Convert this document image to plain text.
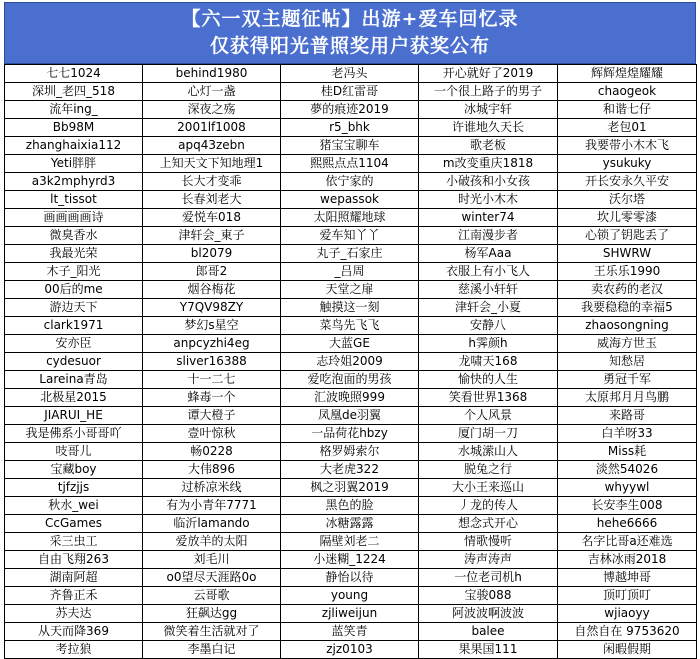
【六一双主题征帖】出游+爱车回忆录
仅获得阳光普照奖用户获奖公布
七七1024	behind1980	老冯头	开心就好了2019	辉辉煌煌耀耀
深圳_老四_518	心灯一盏	桂D红雷哥	一个很上路子的男子	chaogeok
流年ing_	深夜之殇	夢的痕迹2019	冰城宇轩	和谐七仔
Bb98M	2001lf1008	r5_bhk	许谁地久天长	老包01
zhanghaixia112	apq43zebn	猪宝宝聊车	歌老板	我要带小木木飞
Yeti胖胖	上知天文下知地理1	熙熙点点1104	m改变重庆1818	ysukuky
a3k2mphyrd3	长大才变乖	依宁家的	小破孩和小女孩	开长安永久平安
lt_tissot	长春刘老大	wepassok	时光小木木	沃尔塔
画画画画诗	爱悦车018	太阳照耀地球	winter74	坎儿零零漆
微臭香水	津轩会_東子	爱车知丫丫	江南漫步者	心锁了钥匙丢了
我最光荣	bl2079	丸子_石家庄	杨军Aaa	SHWRW
木子_阳光	郎哥2	_吕周	衣服上有小飞人	王乐乐1990
00后的me	烟谷梅花	天堂之扉	慈溪小轩轩	卖农药的老汉
游边天下	Y7QV98ZY	触摸这一刻	津轩会_小夏	我要稳稳的幸福5
clark1971	梦幻s星空	菜鸟先飞飞	安静八	zhaosongning
安亦臣	anpcyzhi4eg	大蓝GE	h霁颜h	威海方世玉
cydesuor	sliver16388	志玲姐2009	龙啸天168	知愁居
Lareina青岛	十一二七	爱吃泡面的男孩	愉快的人生	勇冠千军
北极星2015	蜂毒一个	汇波晚照999	笑看世界1368	太原邦月月鸟鹏
JIARUI_HE	谭大橙子	凤凰de羽翼	个人风景	来路哥
我是佛系小哥哥吖	壹叶惊秋	一品荷花hbzy	厦门胡一刀	白羊呀33
吱哥儿	畅0228	格罗姆索尔	水城潆山人	Miss耗
宝藏boy	大伟896	大老虎322	脱兔之行	淡然54026
tjfzjjs	过桥凉米线	枫之羽翼2019	大小王来巡山	whyywl
秋水_wei	有为小青年7771	黑色的脸	丿龙的传人	长安李生008
CcGames	临沂lamando	冰糖露露	想念式开心	hehe6666
采三虫工	爱放羊的太阳	隔壁刘老二	情歌慢听	名字比哥a还难选
自由飞翔263	刘毛川	小迷糊_1224	涛声涛声	吉林冰雨2018
湖南阿超	o0望尽天涯路0o	静怡以待	一位老司机h	博越坤哥
齐鲁正禾	云哥歌	young	宝骏088	顶叮顶叮
苏夫达	狂飙达gg	zjliweijun	阿波波啊波波	wjiaoyy
从天而降369	微笑着生活就对了	蓝笑青	balee	自然自在 9753620
考拉狼	李墨白记	zjz0103	果果国111	闲暇假期
